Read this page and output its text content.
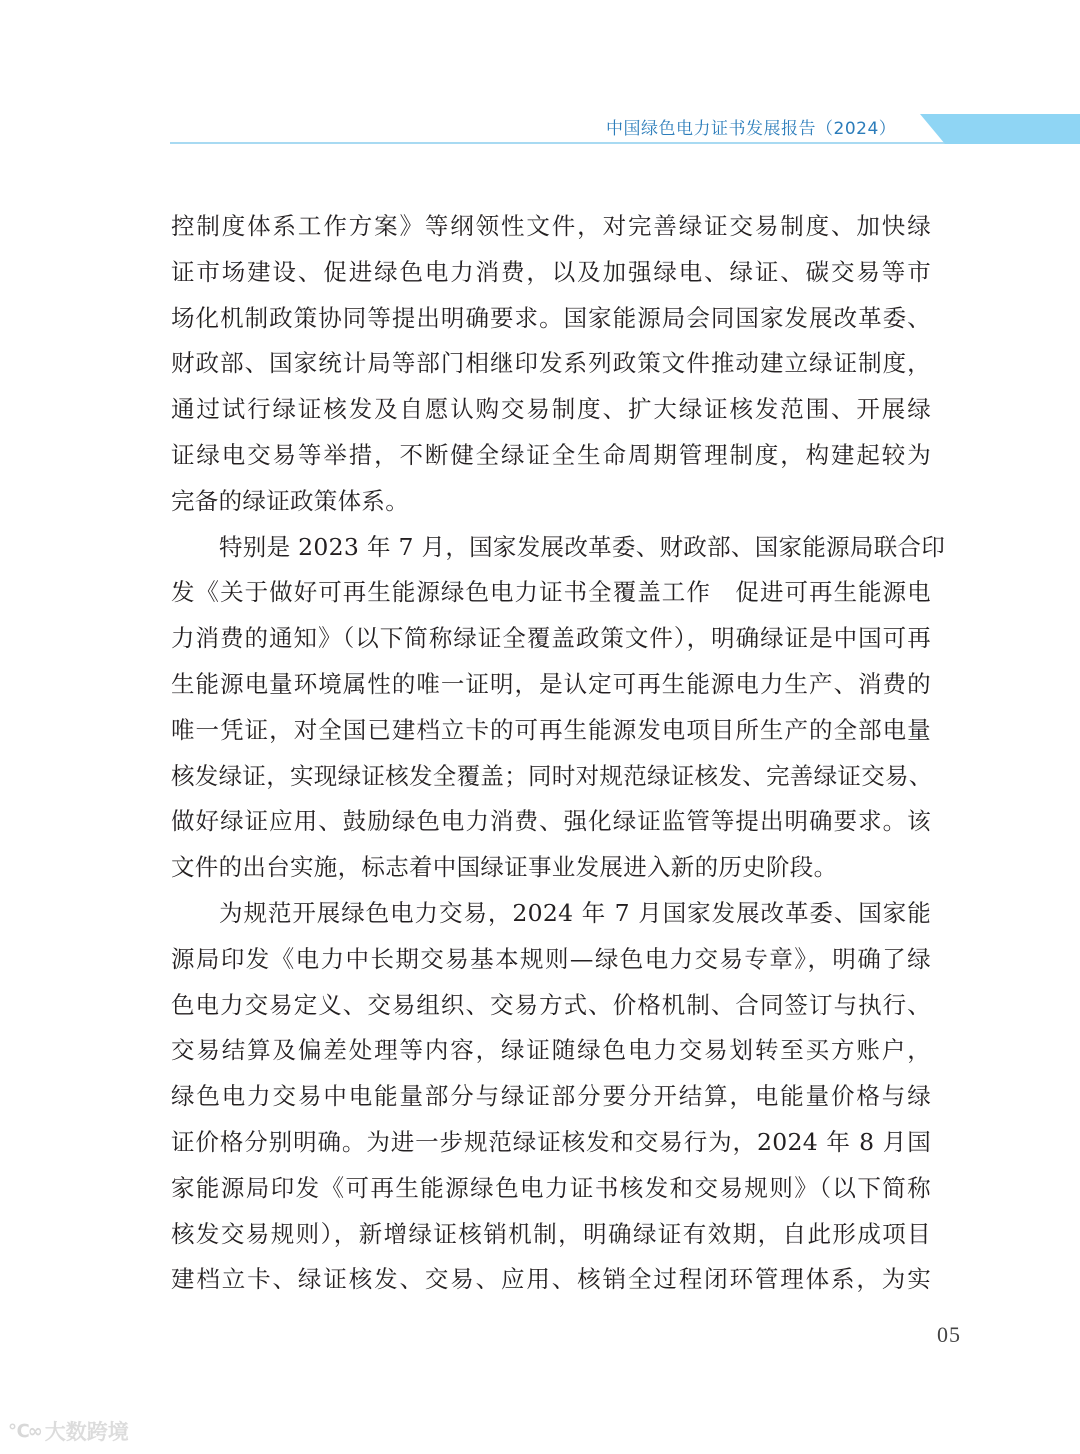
中国绿色电力证书发展报告（2024）

控制度体系工作方案》等纲领性文件，对完善绿证交易制度、加快绿
证市场建设、促进绿色电力消费，以及加强绿电、绿证、碳交易等市
场化机制政策协同等提出明确要求。国家能源局会同国家发展改革委、
财政部、国家统计局等部门相继印发系列政策文件推动建立绿证制度，
通过试行绿证核发及自愿认购交易制度、扩大绿证核发范围、开展绿
证绿电交易等举措，不断健全绿证全生命周期管理制度，构建起较为
完备的绿证政策体系。

特别是 2023 年 7 月，国家发展改革委、财政部、国家能源局联合印
发《关于做好可再生能源绿色电力证书全覆盖工作　促进可再生能源电
力消费的通知》（以下简称绿证全覆盖政策文件），明确绿证是中国可再
生能源电量环境属性的唯一证明，是认定可再生能源电力生产、消费的
唯一凭证，对全国已建档立卡的可再生能源发电项目所生产的全部电量
核发绿证，实现绿证核发全覆盖；同时对规范绿证核发、完善绿证交易、
做好绿证应用、鼓励绿色电力消费、强化绿证监管等提出明确要求。该
文件的出台实施，标志着中国绿证事业发展进入新的历史阶段。

为规范开展绿色电力交易，2024 年 7 月国家发展改革委、国家能
源局印发《电力中长期交易基本规则—绿色电力交易专章》，明确了绿
色电力交易定义、交易组织、交易方式、价格机制、合同签订与执行、
交易结算及偏差处理等内容，绿证随绿色电力交易划转至买方账户，
绿色电力交易中电能量部分与绿证部分要分开结算，电能量价格与绿
证价格分别明确。为进一步规范绿证核发和交易行为，2024 年 8 月国
家能源局印发《可再生能源绿色电力证书核发和交易规则》（以下简称
核发交易规则），新增绿证核销机制，明确绿证有效期，自此形成项目
建档立卡、绿证核发、交易、应用、核销全过程闭环管理体系，为实

05
℃∞ 大数跨境
